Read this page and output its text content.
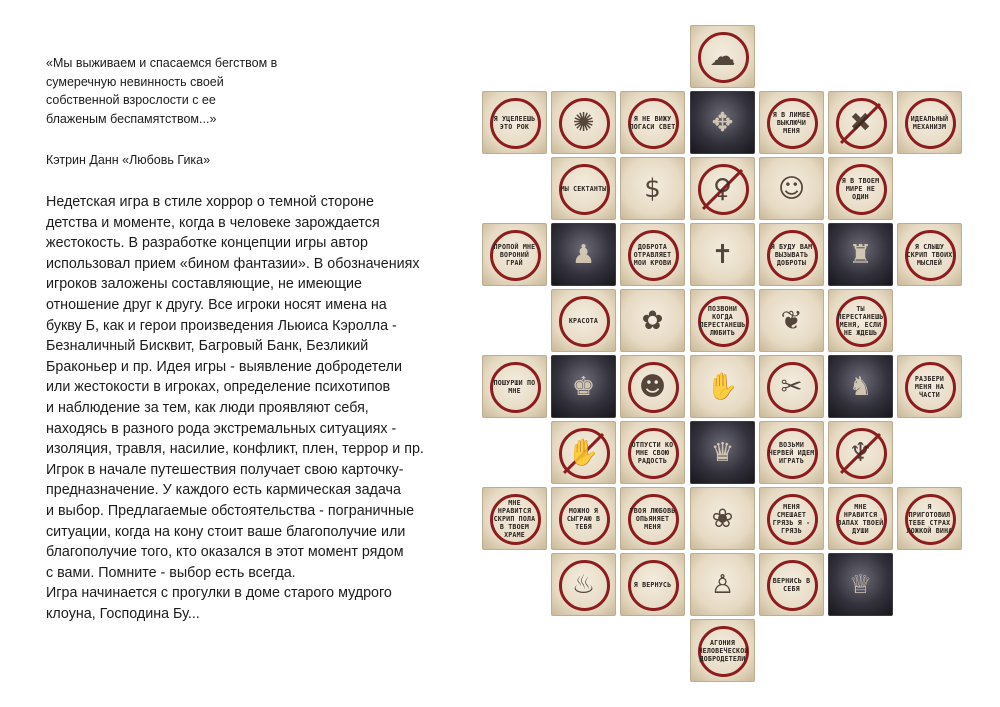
«Мы выживаем и спасаемся бегством в
сумеречную невинность своей
собственной взрослости с ее
блаженым беспамятством...»

Кэтрин Данн «Любовь Гика»

Недетская игра в стиле хоррор о темной стороне
детства и моменте, когда в человеке зарождается
жестокость. В разработке концепции игры автор
использовал прием «бином фантазии». В обозначениях
игроков заложены составляющие, не имеющие
отношение друг к другу. Все игроки носят имена на
букву Б, как и герои произведения Льюиса Кэролла -
Безналичный Бисквит, Багровый Банк, Безликий
Браконьер и пр. Идея игры - выявление добродетели
или жестокости в игроках, определение психотипов
и наблюдение за тем, как люди проявляют себя,
находясь в разного рода экстремальных ситуациях -
изоляция, травля, насилие, конфликт, плен, террор и пр.
Игрок в начале путешествия получает свою карточку-
предназначение. У каждого есть кармическая задача
и выбор. Предлагаемые обстоятельства - пограничные
ситуации, когда на кону стоит ваше благополучие или
благополучие того, кто оказался в этот момент рядом
с вами. Помните - выбор есть всегда.
Игра начинается с прогулки в доме старого мудрого
клоуна, Господина Бу...

☁
Я УЦЕЛЕЕШЬ ЭТО РОК	✺	Я НЕ ВИЖУ ПОГАСИ СВЕТ ✥	Я В ЛИМБЕ ВЫКЛЮЧИ МЕНЯ	✖	ИДЕАЛЬНЫЙ МЕХАНИЗМ
МЫ СЕКТАНТЫ $ ♀ ☺	Я В ТВОЕМ МИРЕ НЕ ОДИН
ПРОПОЙ МНЕ ВОРОНИЙ ГРАЙ	♟	ДОБРОТА ОТРАВЛЯЕТ МОИ КРОВИ ✝	Я БУДУ ВАМ ВЫЗЫВАТЬ ДОБРОТЫ	♜	Я СЛЫШУ СКРИП ТВОИХ МЫСЛЕЙ
КРАСОТА	✿	ПОЗВОНИ КОГДА ПЕРЕСТАНЕШЬ ЛЮБИТЬ	❦	ТЫ ПЕРЕСТАНЕШЬ МЕНЯ, ЕСЛИ НЕ ЖДЕШЬ
ПОШУРШИ ПО МНЕ	♚ ☻ ✋ ✂ ♞	РАЗБЕРИ МЕНЯ НА ЧАСТИ
✋	ОТПУСТИ КО МНЕ СВОЮ РАДОСТЬ	♛	ВОЗЬМИ ЧЕРВЕЙ ИДЕМ ИГРАТЬ	♆
МНЕ НРАВИТСЯ СКРИП ПОЛА В ТВОЕМ ХРАМЕ
МОЖНО Я СЫГРАЮ В ТЕБЯ
ТВОЯ ЛЮБОВЬ ОПЬЯНЯЕТ МЕНЯ	❀	МЕНЯ СМЕШАЕТ ГРЯЗЬ Я - ГРЯЗЬ
МНЕ НРАВИТСЯ ЗАПАХ ТВОЕЙ ДУШИ
Я ПРИГОТОВИЛ ТЕБЕ СТРАХ ЛОЖКОЙ ВИНА
♨	Я ВЕРНУСЬ ♙	ВЕРНИСЬ В СЕБЯ	♕
АГОНИЯ ЧЕЛОВЕЧЕСКОЙ ДОБРОДЕТЕЛИ
